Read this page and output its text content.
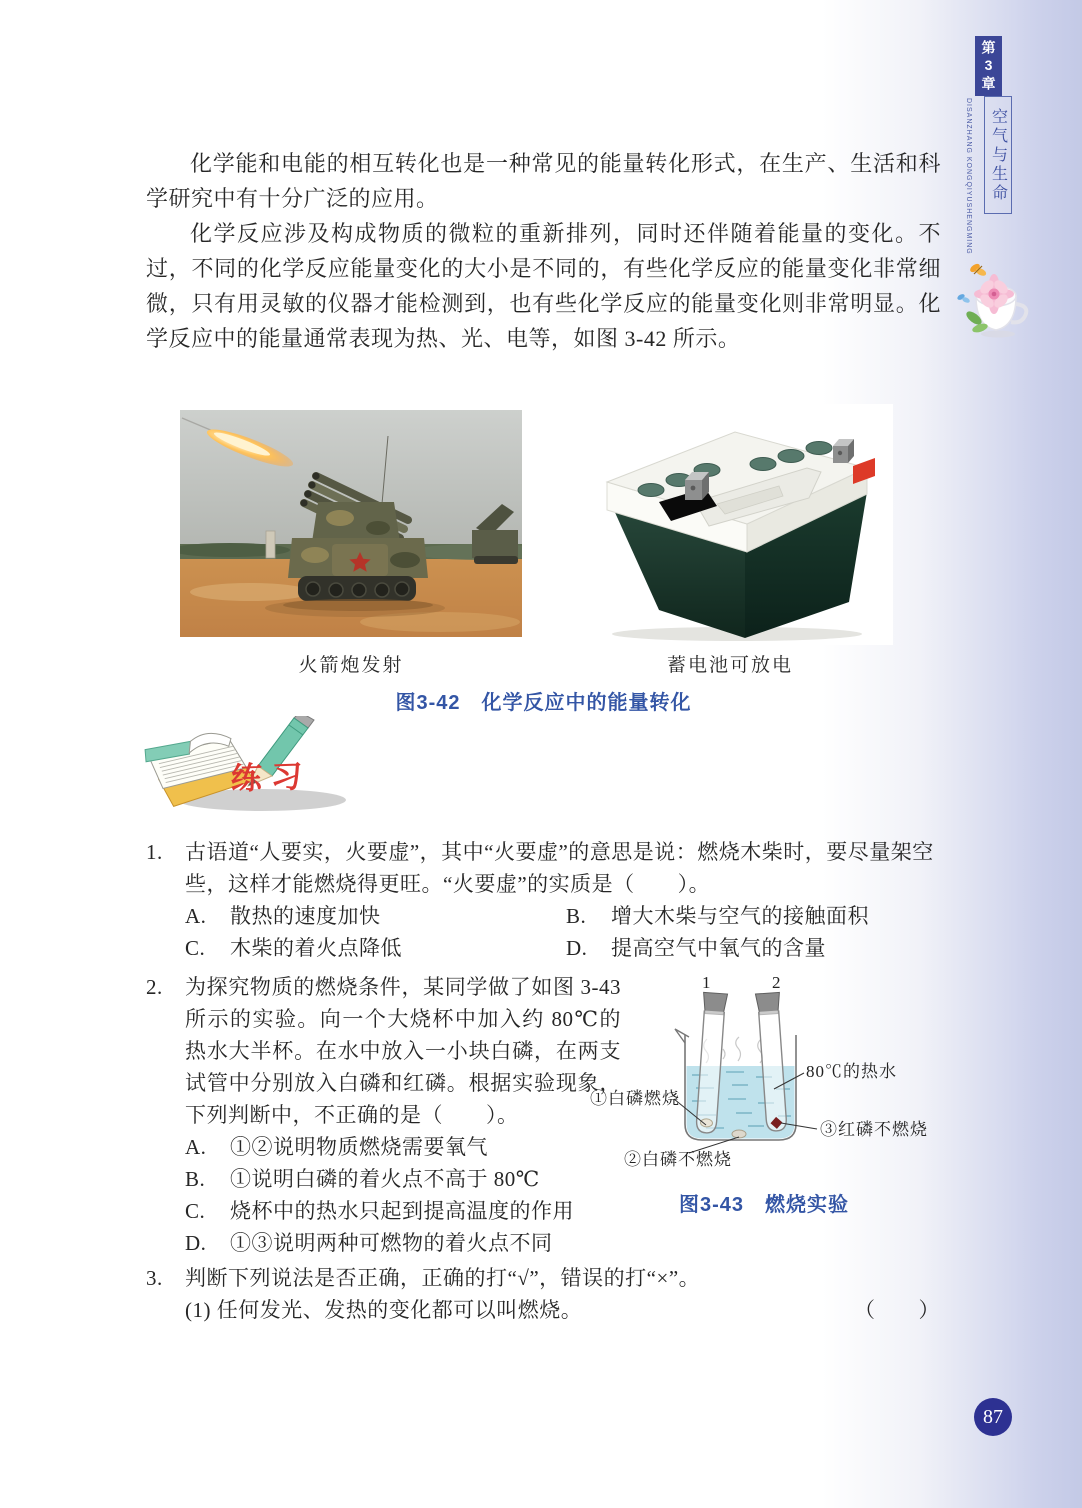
第3章
DISANZHANG KONGQIYUSHENGMING	空气与生命
87

化学能和电能的相互转化也是一种常见的能量转化形式，在生产、生活和科学研究中有十分广泛的应用。

化学反应涉及构成物质的微粒的重新排列，同时还伴随着能量的变化。不过，不同的化学反应能量变化的大小是不同的，有些化学反应的能量变化非常细微，只有用灵敏的仪器才能检测到，也有些化学反应的能量变化则非常明显。化学反应中的能量通常表现为热、光、电等，如图 3-42 所示。

火箭炮发射	蓄电池可放电
图3-42　化学反应中的能量转化
练习
1.	古语道“人要实，火要虚”，其中“火要虚”的意思是说：燃烧木柴时，要尽量架空些，这样才能燃烧得更旺。“火要虚”的实质是（　　）。
A.	散热的速度加快	B.	增大木柴与空气的接触面积
C.	木柴的着火点降低	D.	提高空气中氧气的含量
2.	为探究物质的燃烧条件，某同学做了如图 3-43 所示的实验。向一个大烧杯中加入约 80℃的热水大半杯。在水中放入一小块白磷，在两支试管中分别放入白磷和红磷。根据实验现象，下列判断中，不正确的是（　　）。
A.	①②说明物质燃烧需要氧气
B.	①说明白磷的着火点不高于 80℃
C.	烧杯中的热水只起到提高温度的作用
D.	①③说明两种可燃物的着火点不同
3.	判断下列说法是否正确，正确的打“√”，错误的打“×”。
(1) 任何发光、发热的变化都可以叫燃烧。	（　　）
1	2
①白磷燃烧
80℃的热水
③红磷不燃烧
②白磷不燃烧
图3-43　燃烧实验
